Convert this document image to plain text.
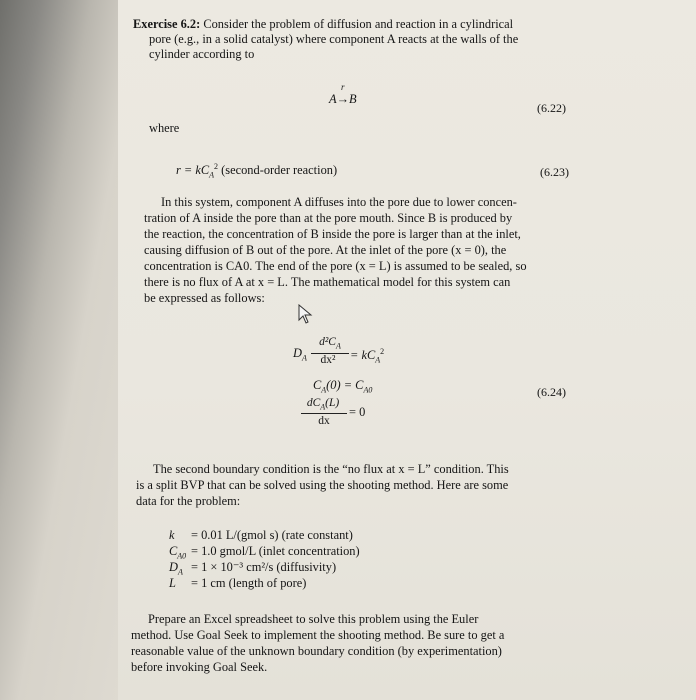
Exercise 6.2: Consider the problem of diffusion and reaction in a cylindrical
pore (e.g., in a solid catalyst) where component A reacts at the walls of the
cylinder according to
r
A→B
(6.22)
where
$r = kC_A^2$ (second-order reaction)	(6.23)
In this system, component A diffuses into the pore due to lower concen-
tration of A inside the pore than at the pore mouth. Since B is produced by
the reaction, the concentration of B inside the pore is larger than at the inlet,
causing diffusion of B out of the pore. At the inlet of the pore (x = 0), the
concentration is CA0. The end of the pore (x = L) is assumed to be sealed, so
there is no flux of A at x = L. The mathematical model for this system can
be expressed as follows:
$D_A$
$d^2C_A$
dx²	= $kC_A^2$
$C_A(0) = C_{A0}$
$dC_A(L)$
dx
= 0
(6.24)
The second boundary condition is the “no flux at x = L” condition. This
is a split BVP that can be solved using the shooting method. Here are some
data for the problem:
k = 0.01 L/(gmol s) (rate constant)
$C_{A0} = 1.0$ gmol/L (inlet concentration)
$D_A = 1 \times 10^{-3}$ cm²/s (diffusivity)
L = 1 cm (length of pore)
Prepare an Excel spreadsheet to solve this problem using the Euler
method. Use Goal Seek to implement the shooting method. Be sure to get a
reasonable value of the unknown boundary condition (by experimentation)
before invoking Goal Seek.
